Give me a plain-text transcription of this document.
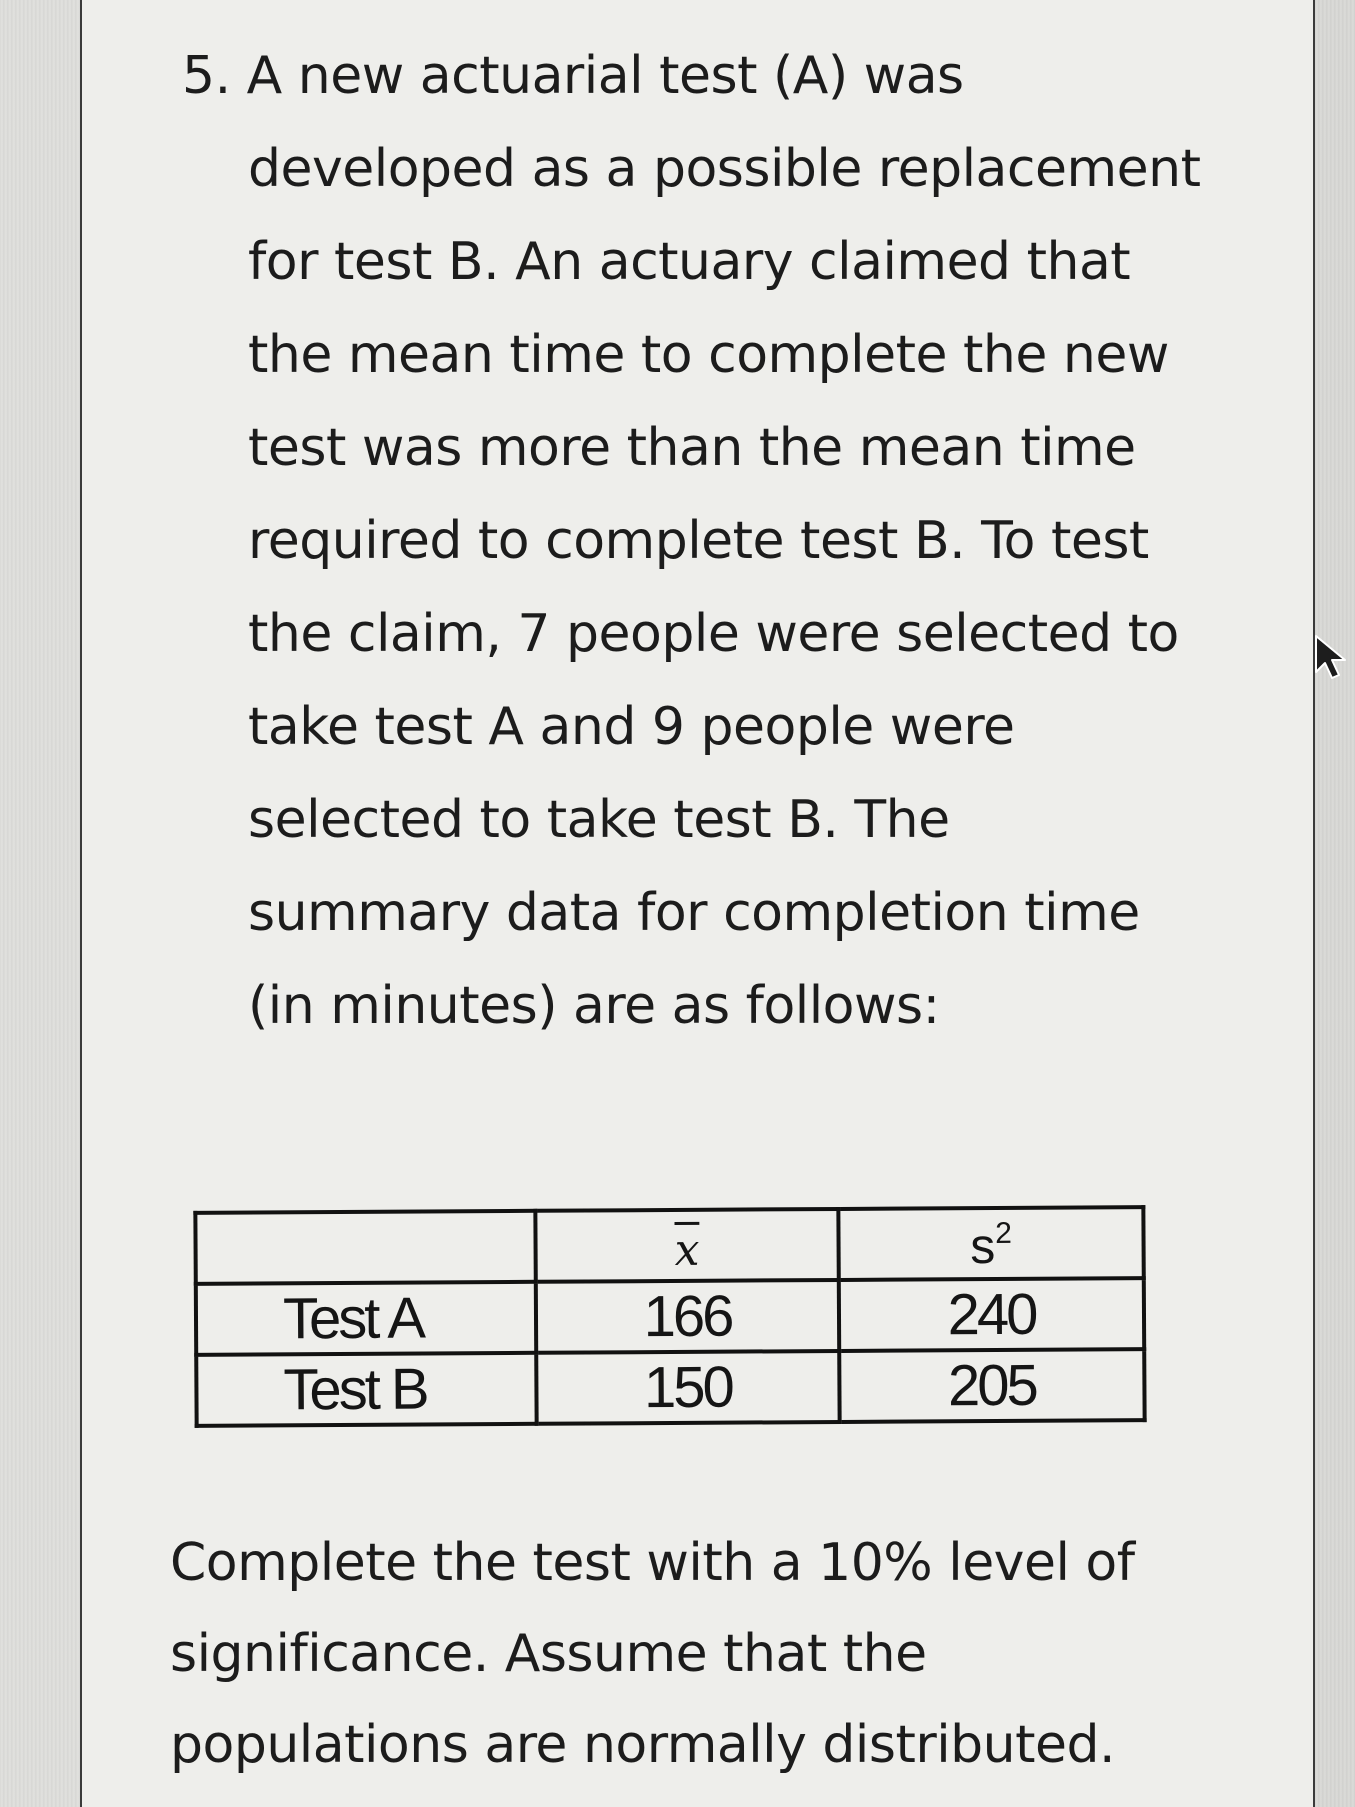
5. A new actuarial test (A) was
developed as a possible replacement
for test B. An actuary claimed that
the mean time to complete the new
test was more than the mean time
required to complete test B. To test
the claim, 7 people were selected to
take test A and 9 people were
selected to take test B. The
summary data for completion time
(in minutes) are as follows:
	$\overline{x}$	$s^2$
Test A	166	240
Test B	150	205
Complete the test with a 10% level of
significance. Assume that the
populations are normally distributed.
